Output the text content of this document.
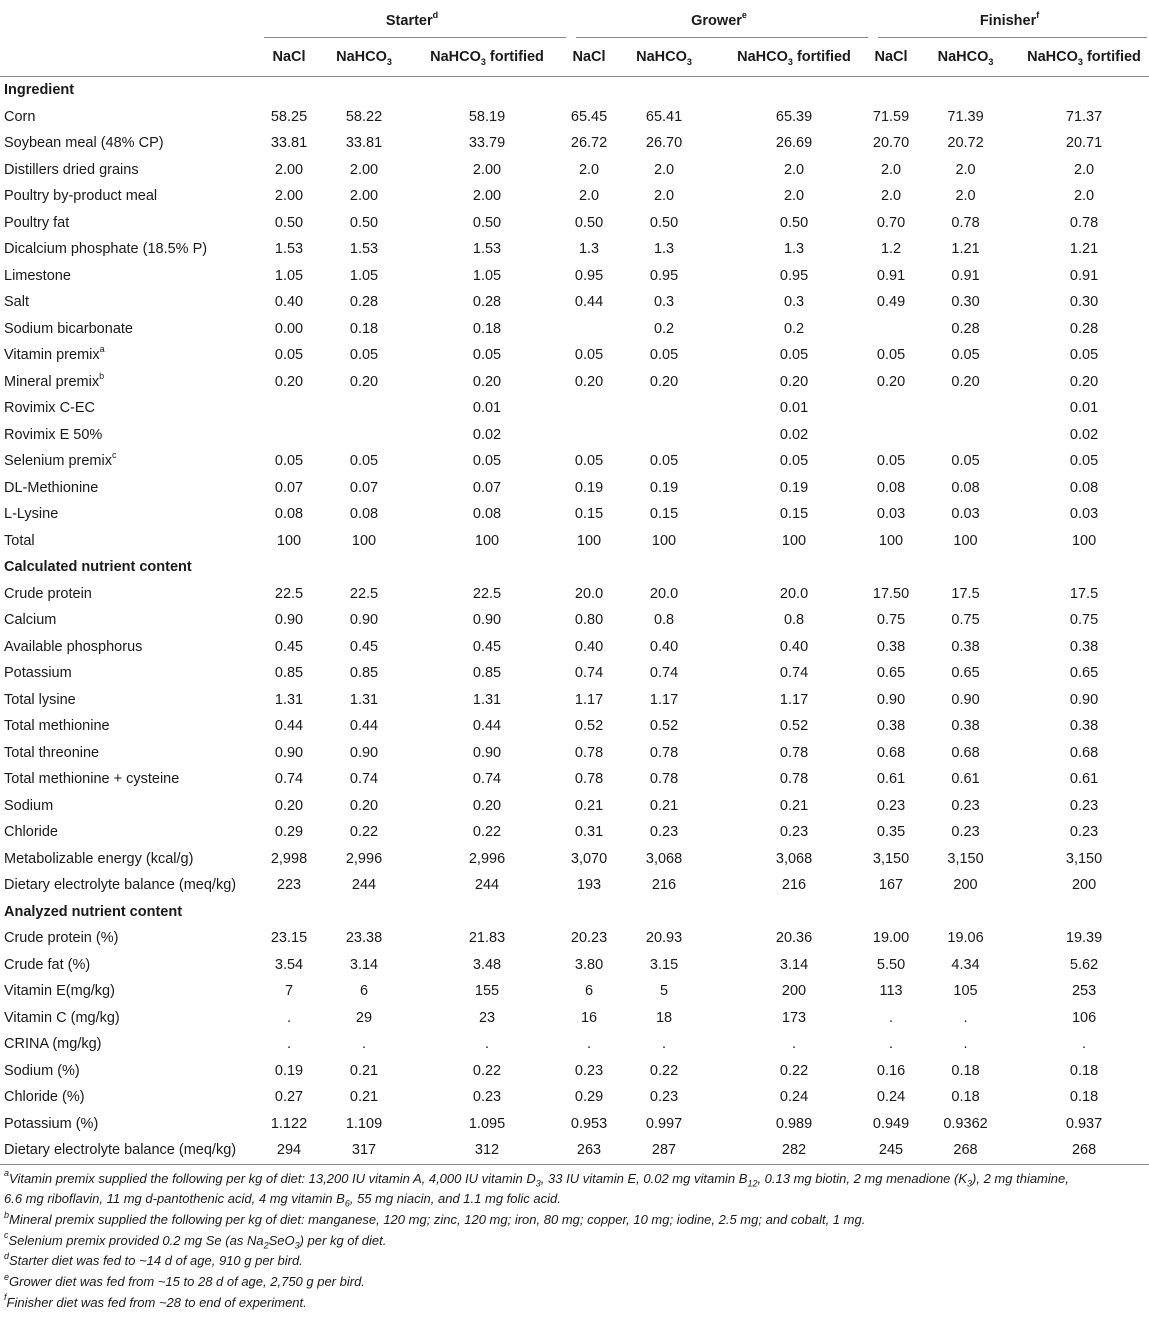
	Starter$^d$			Grower$^e$			Finisher$^f$
	NaCl	NaHCO$_3$	NaHCO$_3$ fortified	NaCl	NaHCO$_3$	NaHCO$_3$ fortified	NaCl	NaHCO$_3$	NaHCO$_3$ fortified
Ingredient									
Corn	58.25	58.22	58.19	65.45	65.41	65.39	71.59	71.39	71.37
Soybean meal (48% CP)	33.81	33.81	33.79	26.72	26.70	26.69	20.70	20.72	20.71
Distillers dried grains	2.00	2.00	2.00	2.0	2.0	2.0	2.0	2.0	2.0
Poultry by-product meal	2.00	2.00	2.00	2.0	2.0	2.0	2.0	2.0	2.0
Poultry fat	0.50	0.50	0.50	0.50	0.50	0.50	0.70	0.78	0.78
Dicalcium phosphate (18.5% P)	1.53	1.53	1.53	1.3	1.3	1.3	1.2	1.21	1.21
Limestone	1.05	1.05	1.05	0.95	0.95	0.95	0.91	0.91	0.91
Salt	0.40	0.28	0.28	0.44	0.3	0.3	0.49	0.30	0.30
Sodium bicarbonate	0.00	0.18	0.18		0.2	0.2		0.28	0.28
Vitamin premix$^a$	0.05	0.05	0.05	0.05	0.05	0.05	0.05	0.05	0.05
Mineral premix$^b$	0.20	0.20	0.20	0.20	0.20	0.20	0.20	0.20	0.20
Rovimix C-EC			0.01			0.01			0.01
Rovimix E 50%			0.02			0.02			0.02
Selenium premix$^c$	0.05	0.05	0.05	0.05	0.05	0.05	0.05	0.05	0.05
DL-Methionine	0.07	0.07	0.07	0.19	0.19	0.19	0.08	0.08	0.08
L-Lysine	0.08	0.08	0.08	0.15	0.15	0.15	0.03	0.03	0.03
Total	100	100	100	100	100	100	100	100	100
Calculated nutrient content									
Crude protein	22.5	22.5	22.5	20.0	20.0	20.0	17.50	17.5	17.5
Calcium	0.90	0.90	0.90	0.80	0.8	0.8	0.75	0.75	0.75
Available phosphorus	0.45	0.45	0.45	0.40	0.40	0.40	0.38	0.38	0.38
Potassium	0.85	0.85	0.85	0.74	0.74	0.74	0.65	0.65	0.65
Total lysine	1.31	1.31	1.31	1.17	1.17	1.17	0.90	0.90	0.90
Total methionine	0.44	0.44	0.44	0.52	0.52	0.52	0.38	0.38	0.38
Total threonine	0.90	0.90	0.90	0.78	0.78	0.78	0.68	0.68	0.68
Total methionine + cysteine	0.74	0.74	0.74	0.78	0.78	0.78	0.61	0.61	0.61
Sodium	0.20	0.20	0.20	0.21	0.21	0.21	0.23	0.23	0.23
Chloride	0.29	0.22	0.22	0.31	0.23	0.23	0.35	0.23	0.23
Metabolizable energy (kcal/g)	2,998	2,996	2,996	3,070	3,068	3,068	3,150	3,150	3,150
Dietary electrolyte balance (meq/kg)	223	244	244	193	216	216	167	200	200
Analyzed nutrient content									
Crude protein (%)	23.15	23.38	21.83	20.23	20.93	20.36	19.00	19.06	19.39
Crude fat (%)	3.54	3.14	3.48	3.80	3.15	3.14	5.50	4.34	5.62
Vitamin E(mg/kg)	7	6	155	6	5	200	113	105	253
Vitamin C (mg/kg)	.	29	23	16	18	173	.	.	106
CRINA (mg/kg)	.	.	.	.	.	.	.	.	.
Sodium (%)	0.19	0.21	0.22	0.23	0.22	0.22	0.16	0.18	0.18
Chloride (%)	0.27	0.21	0.23	0.29	0.23	0.24	0.24	0.18	0.18
Potassium (%)	1.122	1.109	1.095	0.953	0.997	0.989	0.949	0.9362	0.937
Dietary electrolyte balance (meq/kg)	294	317	312	263	287	282	245	268	268
$^a$Vitamin premix supplied the following per kg of diet: 13,200 IU vitamin A, 4,000 IU vitamin $D_3$, 33 IU vitamin E, 0.02 mg vitamin $B_{12}$, 0.13 mg biotin, 2 mg menadione $(K_3)$, 2 mg thiamine,
6.6 mg riboflavin, 11 mg d-pantothenic acid, 4 mg vitamin $B_6$, 55 mg niacin, and 1.1 mg folic acid.
$^b$Mineral premix supplied the following per kg of diet: manganese, 120 mg; zinc, 120 mg; iron, 80 mg; copper, 10 mg; iodine, 2.5 mg; and cobalt, 1 mg.
$^c$Selenium premix provided 0.2 mg Se (as $Na_2SeO_3$) per kg of diet.
$^d$Starter diet was fed to ~14 d of age, 910 g per bird.
$^e$Grower diet was fed from ~15 to 28 d of age, 2,750 g per bird.
$^f$Finisher diet was fed from ~28 to end of experiment.
